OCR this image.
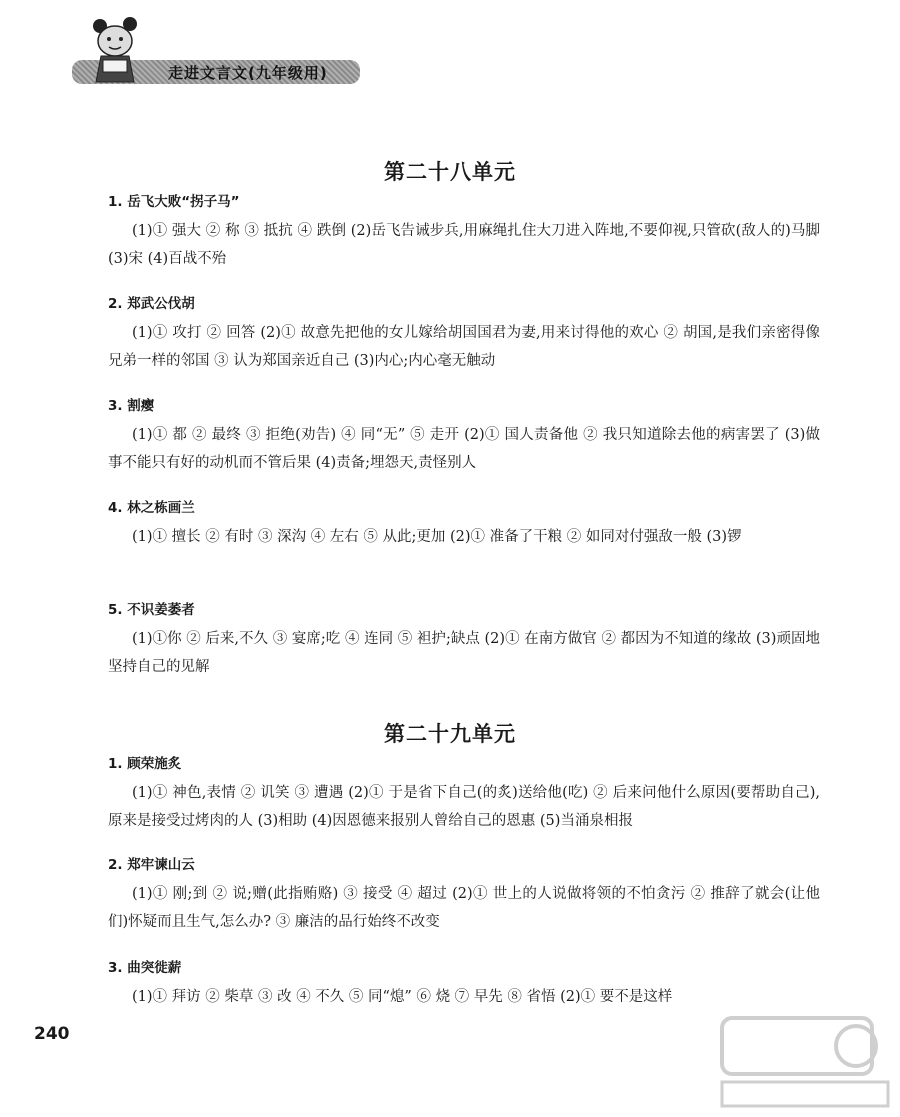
走进文言文(九年级用)
第二十八单元
1. 岳飞大败“拐子马”
(1)① 强大 ② 称 ③ 抵抗 ④ 跌倒 (2)岳飞告诫步兵,用麻绳扎住大刀进入阵地,不要仰视,只管砍(敌人的)马脚 (3)宋 (4)百战不殆
2. 郑武公伐胡
(1)① 攻打 ② 回答 (2)① 故意先把他的女儿嫁给胡国国君为妻,用来讨得他的欢心 ② 胡国,是我们亲密得像兄弟一样的邻国 ③ 认为郑国亲近自己 (3)内心;内心毫无触动
3. 割瘿
(1)① 都 ② 最终 ③ 拒绝(劝告) ④ 同“无” ⑤ 走开 (2)① 国人责备他 ② 我只知道除去他的病害罢了 (3)做事不能只有好的动机而不管后果 (4)责备;埋怨天,责怪别人
4. 林之栋画兰
(1)① 擅长 ② 有时 ③ 深沟 ④ 左右 ⑤ 从此;更加 (2)① 准备了干粮 ② 如同对付强敌一般 (3)锣
5. 不识姜萎者
(1)①你 ② 后来,不久 ③ 宴席;吃 ④ 连同 ⑤ 袒护;缺点 (2)① 在南方做官 ② 都因为不知道的缘故 (3)顽固地坚持自己的见解
第二十九单元
1. 顾荣施炙
(1)① 神色,表情 ② 讥笑 ③ 遭遇 (2)① 于是省下自己(的炙)送给他(吃) ② 后来问他什么原因(要帮助自己),原来是接受过烤肉的人 (3)相助 (4)因恩德来报别人曾给自己的恩惠 (5)当涌泉相报
2. 郑牢谏山云
(1)① 刚;到 ② 说;赠(此指贿赂) ③ 接受 ④ 超过 (2)① 世上的人说做将领的不怕贪污 ② 推辞了就会(让他们)怀疑而且生气,怎么办? ③ 廉洁的品行始终不改变
3. 曲突徙薪
(1)① 拜访 ② 柴草 ③ 改 ④ 不久 ⑤ 同“熄” ⑥ 烧 ⑦ 早先 ⑧ 省悟 (2)① 要不是这样
240
